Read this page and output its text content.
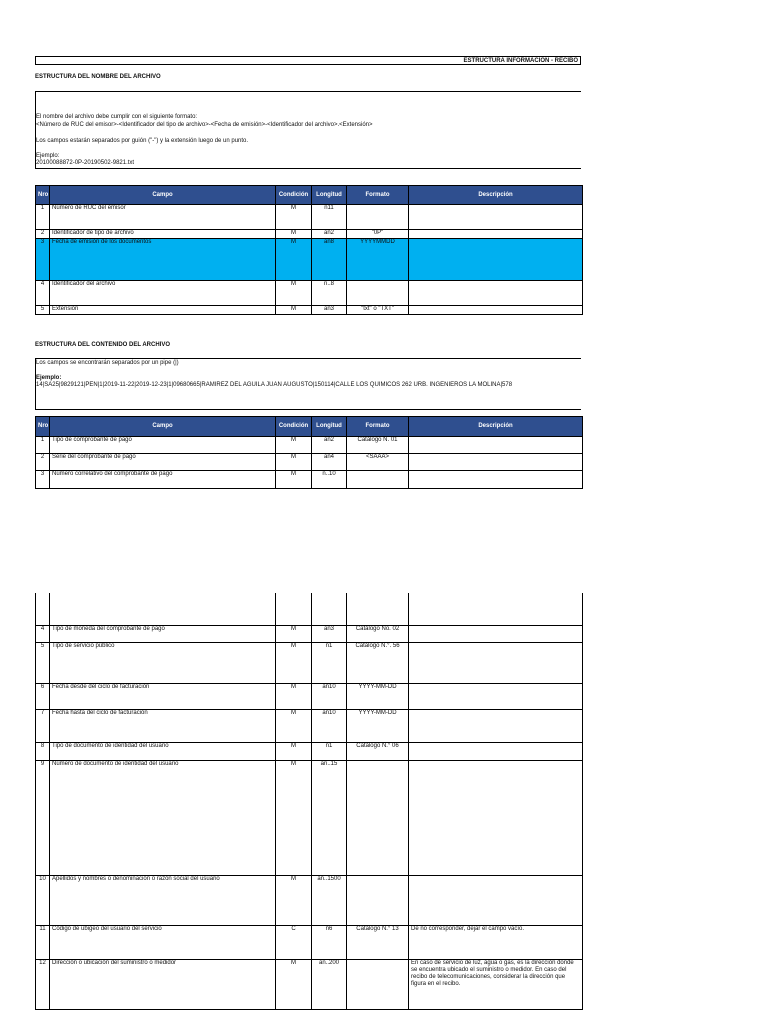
ESTRUCTURA INFORMACION - RECIBO
ESTRUCTURA DEL NOMBRE DEL ARCHIVO
El nombre del archivo debe cumplir con el siguiente formato:
<Número de RUC del emisor>-<Identificador del tipo de archivo>-<Fecha de emisión>-<Identificador del archivo>.<Extensión>
Los campos estarán separados por guión ("-") y la extensión luego de un punto.
Ejemplo:
20100088872-0P-20190502-9821.txt
Nro	Campo	Condición	Longitud	Formato	Descripción
1	Número de RUC del emisor	M	n11		
2	Identificador de tipo de archivo	M	an2	"0P"	
3	Fecha de emisión de los documentos	M	an8	YYYYMMDD	
4	Identificador del archivo	M	n..8		
5	Extensión	M	an3	"txt" o "TXT"	
ESTRUCTURA DEL CONTENIDO DEL ARCHIVO
Los campos se encontrarán separados por un pipe (|)
Ejemplo:
14|SA25|9829121|PEN|1|2019-11-22|2019-12-23|1|09680665|RAMIREZ DEL AGUILA JUAN AUGUSTO|150114|CALLE LOS QUIMICOS 262 URB. INGENIEROS LA MOLINA|578
Nro	Campo	Condición	Longitud	Formato	Descripción
1	Tipo de comprobante de pago	M	an2	Catálogo N. 01	
2	Serie del comprobante de pago	M	an4	<SAAA>	
3	Número correlativo del comprobante de pago	M	n..10		

4	Tipo de moneda del comprobante de pago	M	an3	Catálogo No. 02	
5	Tipo de servicio público	M	n1	Catálogo N.°. 56	
6	Fecha desde del ciclo de facturación	M	an10	YYYY-MM-DD	
7	Fecha hasta del ciclo de facturación	M	an10	YYYY-MM-DD	
8	Tipo de documento de identidad del usuario	M	n1	Catálogo N.° 06	
9	Número de documento de identidad del usuario	M	an..15		
10	Apellidos y nombres o denominación o razón social del usuario	M	an..1500		
11	Código de ubigeo del usuario del servicio	C	n6	Catálogo N.° 13	De no corresponder, dejar el campo vacío.
12	Dirección o ubicación del suministro o medidor	M	an..200		En caso de servicio de luz, agua o gas, es la dirección donde se encuentra ubicado el suministro o medidor. En caso del recibo de telecomunicaciones, considerar la dirección que figura en el recibo.
